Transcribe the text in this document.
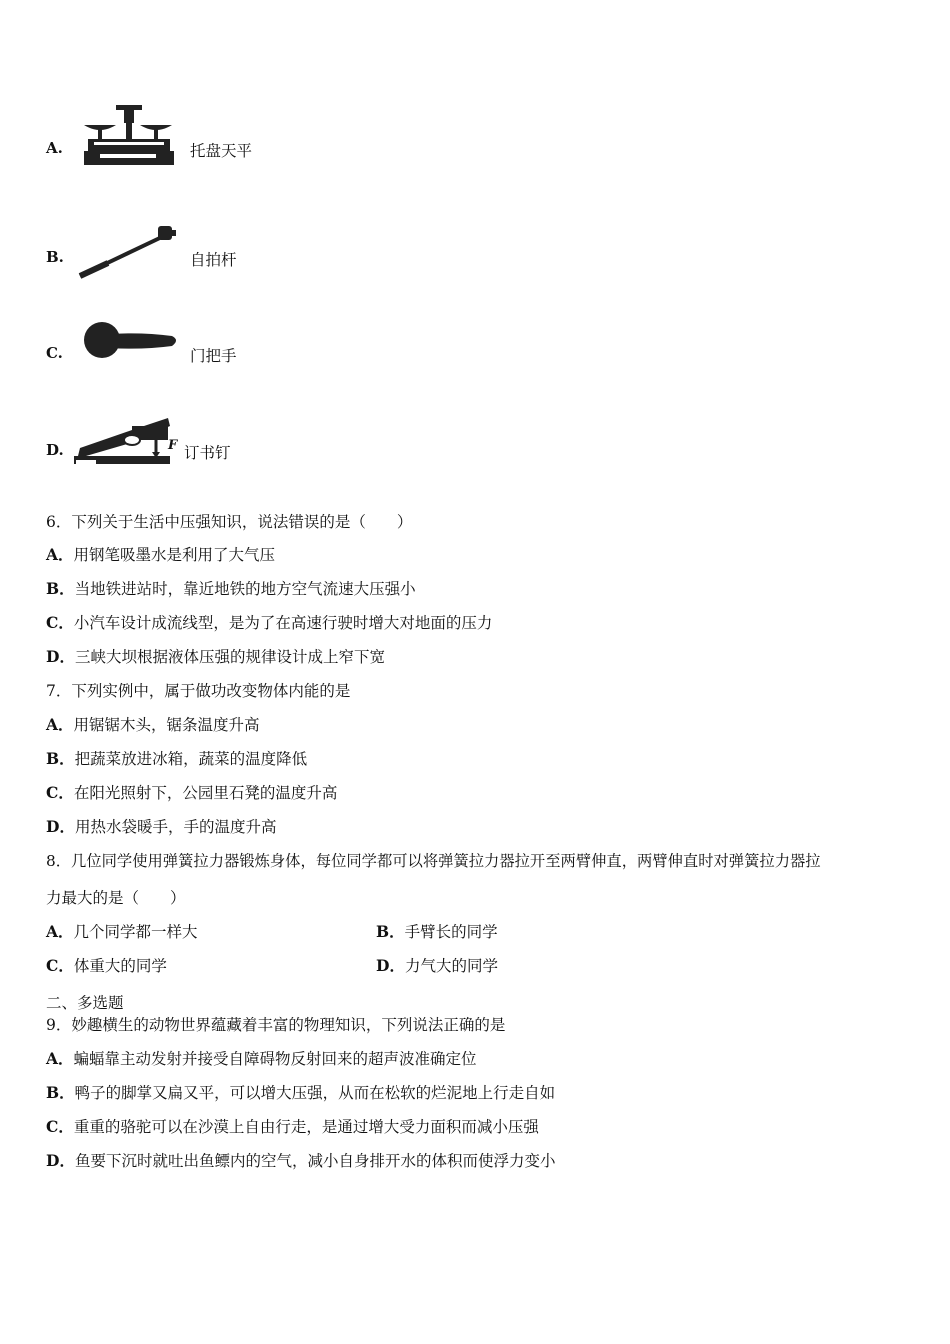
A.	托盘天平
B.	自拍杆
C.	门把手
D.	F 订书钉
6．下列关于生活中压强知识，说法错误的是（　　）
A．用钢笔吸墨水是利用了大气压
B．当地铁进站时，靠近地铁的地方空气流速大压强小
C．小汽车设计成流线型，是为了在高速行驶时增大对地面的压力
D．三峡大坝根据液体压强的规律设计成上窄下宽
7．下列实例中，属于做功改变物体内能的是
A．用锯锯木头，锯条温度升高
B．把蔬菜放进冰箱，蔬菜的温度降低
C．在阳光照射下，公园里石凳的温度升高
D．用热水袋暖手，手的温度升高
8．几位同学使用弹簧拉力器锻炼身体，每位同学都可以将弹簧拉力器拉开至两臂伸直，两臂伸直时对弹簧拉力器拉
力最大的是（　　）
A．几个同学都一样大	B．手臂长的同学
C．体重大的同学	D．力气大的同学
二、多选题
9．妙趣横生的动物世界蕴藏着丰富的物理知识，下列说法正确的是
A．蝙蝠靠主动发射并接受自障碍物反射回来的超声波准确定位
B．鸭子的脚掌又扁又平，可以增大压强，从而在松软的烂泥地上行走自如
C．重重的骆驼可以在沙漠上自由行走，是通过增大受力面积而减小压强
D．鱼要下沉时就吐出鱼鳔内的空气，减小自身排开水的体积而使浮力变小
